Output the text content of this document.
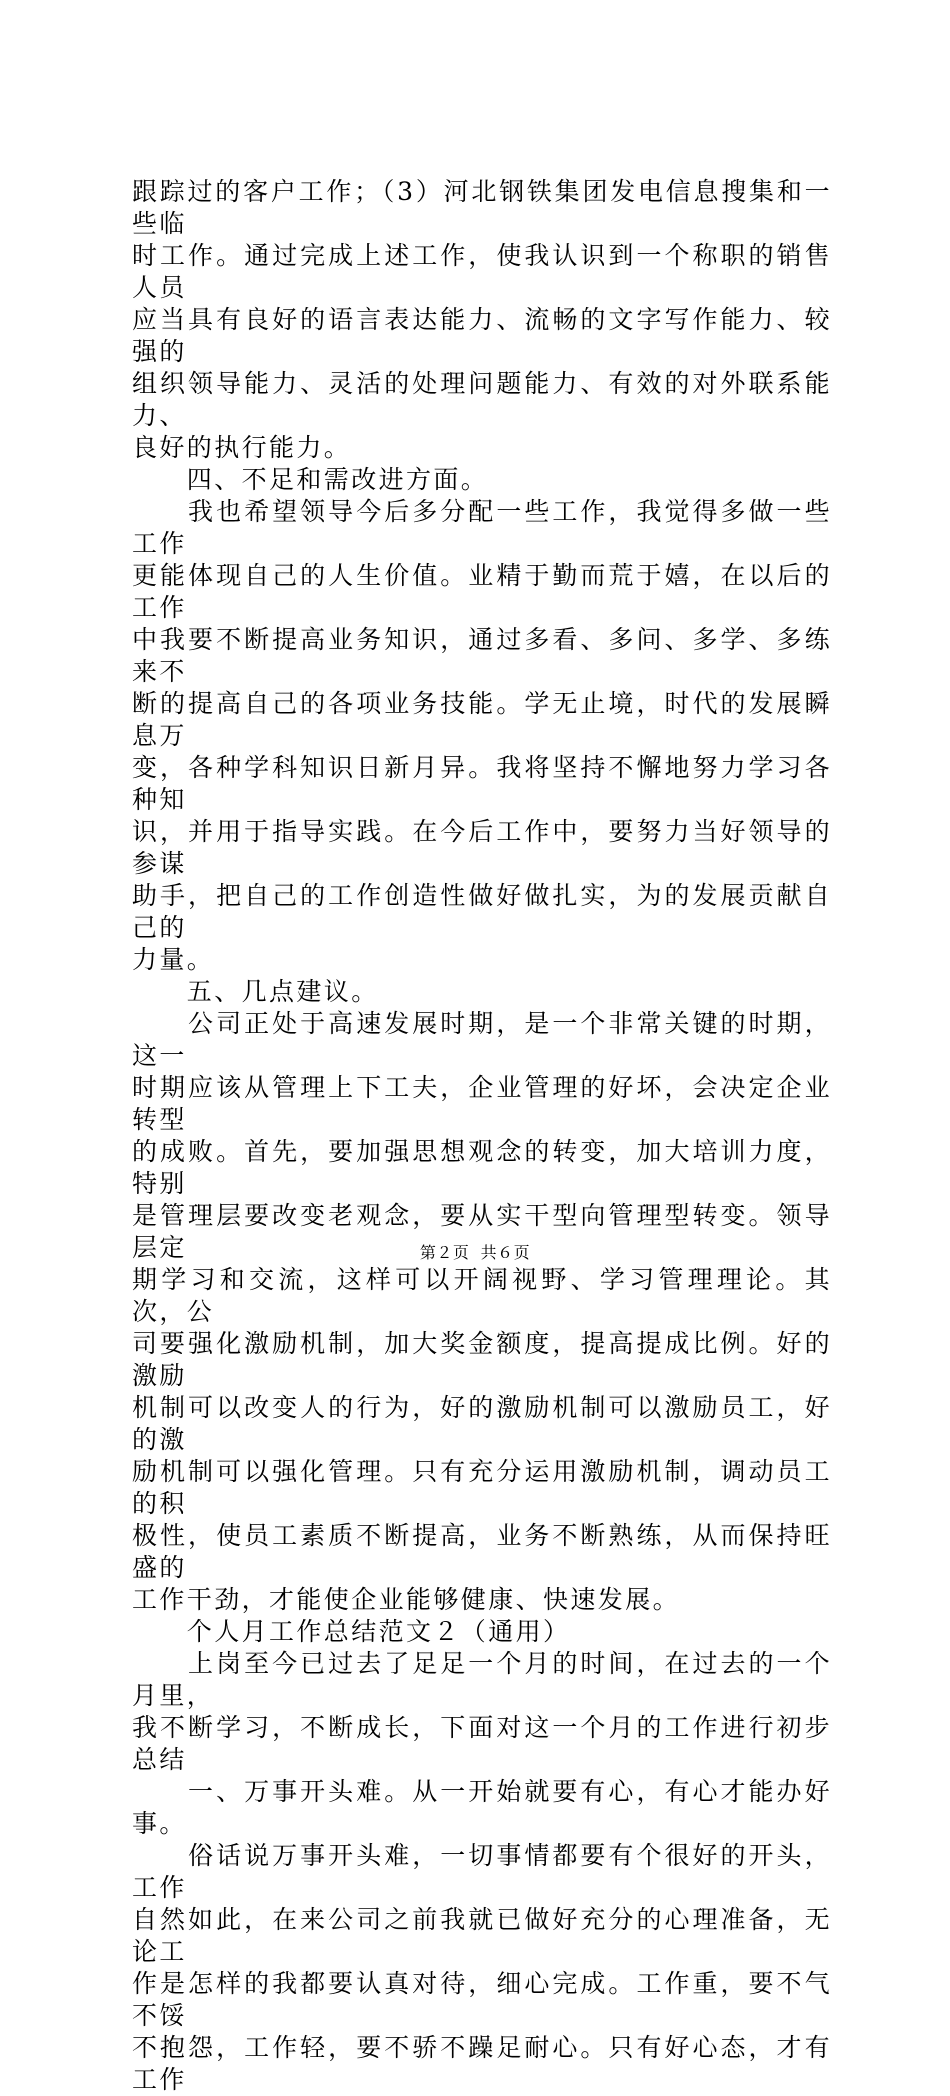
跟踪过的客户工作；（3）河北钢铁集团发电信息搜集和一些临

时工作。通过完成上述工作，使我认识到一个称职的销售人员

应当具有良好的语言表达能力、流畅的文字写作能力、较强的

组织领导能力、灵活的处理问题能力、有效的对外联系能力、

良好的执行能力。

　　四、不足和需改进方面。

　　我也希望领导今后多分配一些工作，我觉得多做一些工作

更能体现自己的人生价值。业精于勤而荒于嬉，在以后的工作

中我要不断提高业务知识，通过多看、多问、多学、多练来不

断的提高自己的各项业务技能。学无止境，时代的发展瞬息万

变，各种学科知识日新月异。我将坚持不懈地努力学习各种知

识，并用于指导实践。在今后工作中，要努力当好领导的参谋

助手，把自己的工作创造性做好做扎实，为的发展贡献自己的

力量。

　　五、几点建议。

　　公司正处于高速发展时期，是一个非常关键的时期，这一

时期应该从管理上下工夫，企业管理的好坏，会决定企业转型

的成败。首先，要加强思想观念的转变，加大培训力度，特别

是管理层要改变老观念，要从实干型向管理型转变。领导层定

期学习和交流，这样可以开阔视野、学习管理理论。其次，公

司要强化激励机制，加大奖金额度，提高提成比例。好的激励

机制可以改变人的行为，好的激励机制可以激励员工，好的激

励机制可以强化管理。只有充分运用激励机制，调动员工的积

极性，使员工素质不断提高，业务不断熟练，从而保持旺盛的

工作干劲，才能使企业能够健康、快速发展。

　　个人月工作总结范文２（通用）

　　上岗至今已过去了足足一个月的时间，在过去的一个月里，

我不断学习，不断成长，下面对这一个月的工作进行初步总结

　　一、万事开头难。从一开始就要有心，有心才能办好事。

　　俗话说万事开头难，一切事情都要有个很好的开头，工作

自然如此，在来公司之前我就已做好充分的心理准备，无论工

作是怎样的我都要认真对待，细心完成。工作重，要不气不馁

不抱怨，工作轻，要不骄不躁足耐心。只有好心态，才有工作

第２页 共６页
